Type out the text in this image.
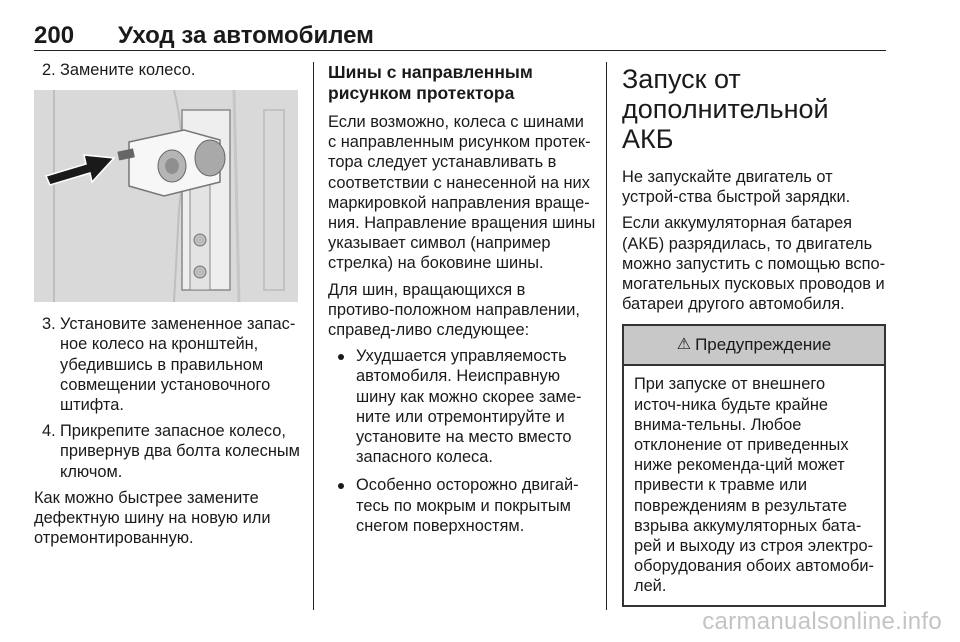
200 Уход за автомобилем
2. Замените колесо.
3. Установите замененное запас-ное колесо на кронштейн, убедившись в правильном совмещении установочного штифта.
4. Прикрепите запасное колесо, привернув два болта колесным ключом.

Как можно быстрее замените дефектную шину на новую или отремонтированную.

Шины с направленным рисунком протектора

Если возможно, колеса с шинами с направленным рисунком протек-тора следует устанавливать в соответствии с нанесенной на них маркировкой направления враще-ния. Направление вращения шины указывает символ (например стрелка) на боковине шины.

Для шин, вращающихся в противо-положном направлении, справед-ливо следующее:

Ухудшается управляемость автомобиля. Неисправную шину как можно скорее заме-ните или отремонтируйте и установите на место вместо запасного колеса.
Особенно осторожно двигай-тесь по мокрым и покрытым снегом поверхностям.
Запуск от дополнительной АКБ

Не запускайте двигатель от устрой-ства быстрой зарядки.

Если аккумуляторная батарея (АКБ) разрядилась, то двигатель можно запустить с помощью вспо-могательных пусковых проводов и батареи другого автомобиля.

⚠ Предупреждение
При запуске от внешнего источ-ника будьте крайне внима-тельны. Любое отклонение от приведенных ниже рекоменда-ций может привести к травме или повреждениям в результате взрыва аккумуляторных бата-рей и выходу из строя электро-оборудования обоих автомоби-лей.
carmanualsonline.info
